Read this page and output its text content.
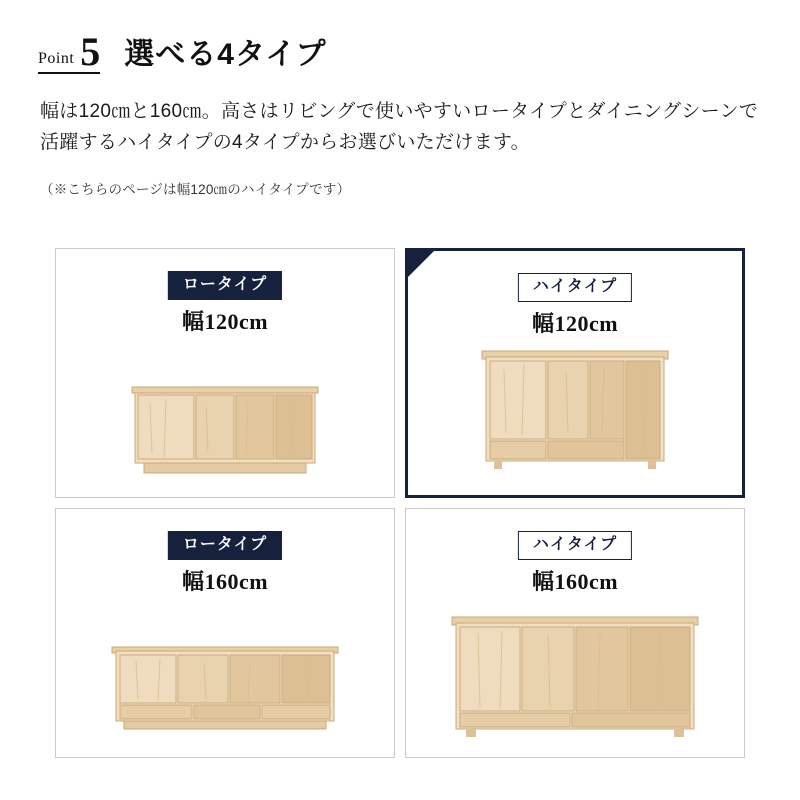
Point 5 選べる4タイプ
幅は120㎝と160㎝。高さはリビングで使いやすいロータイプとダイニングシーンで活躍するハイタイプの4タイプからお選びいただけます。
（※こちらのページは幅120㎝のハイタイプです）
ロータイプ
幅120cm
ハイタイプ
幅120cm
ロータイプ
幅160cm
ハイタイプ
幅160cm
